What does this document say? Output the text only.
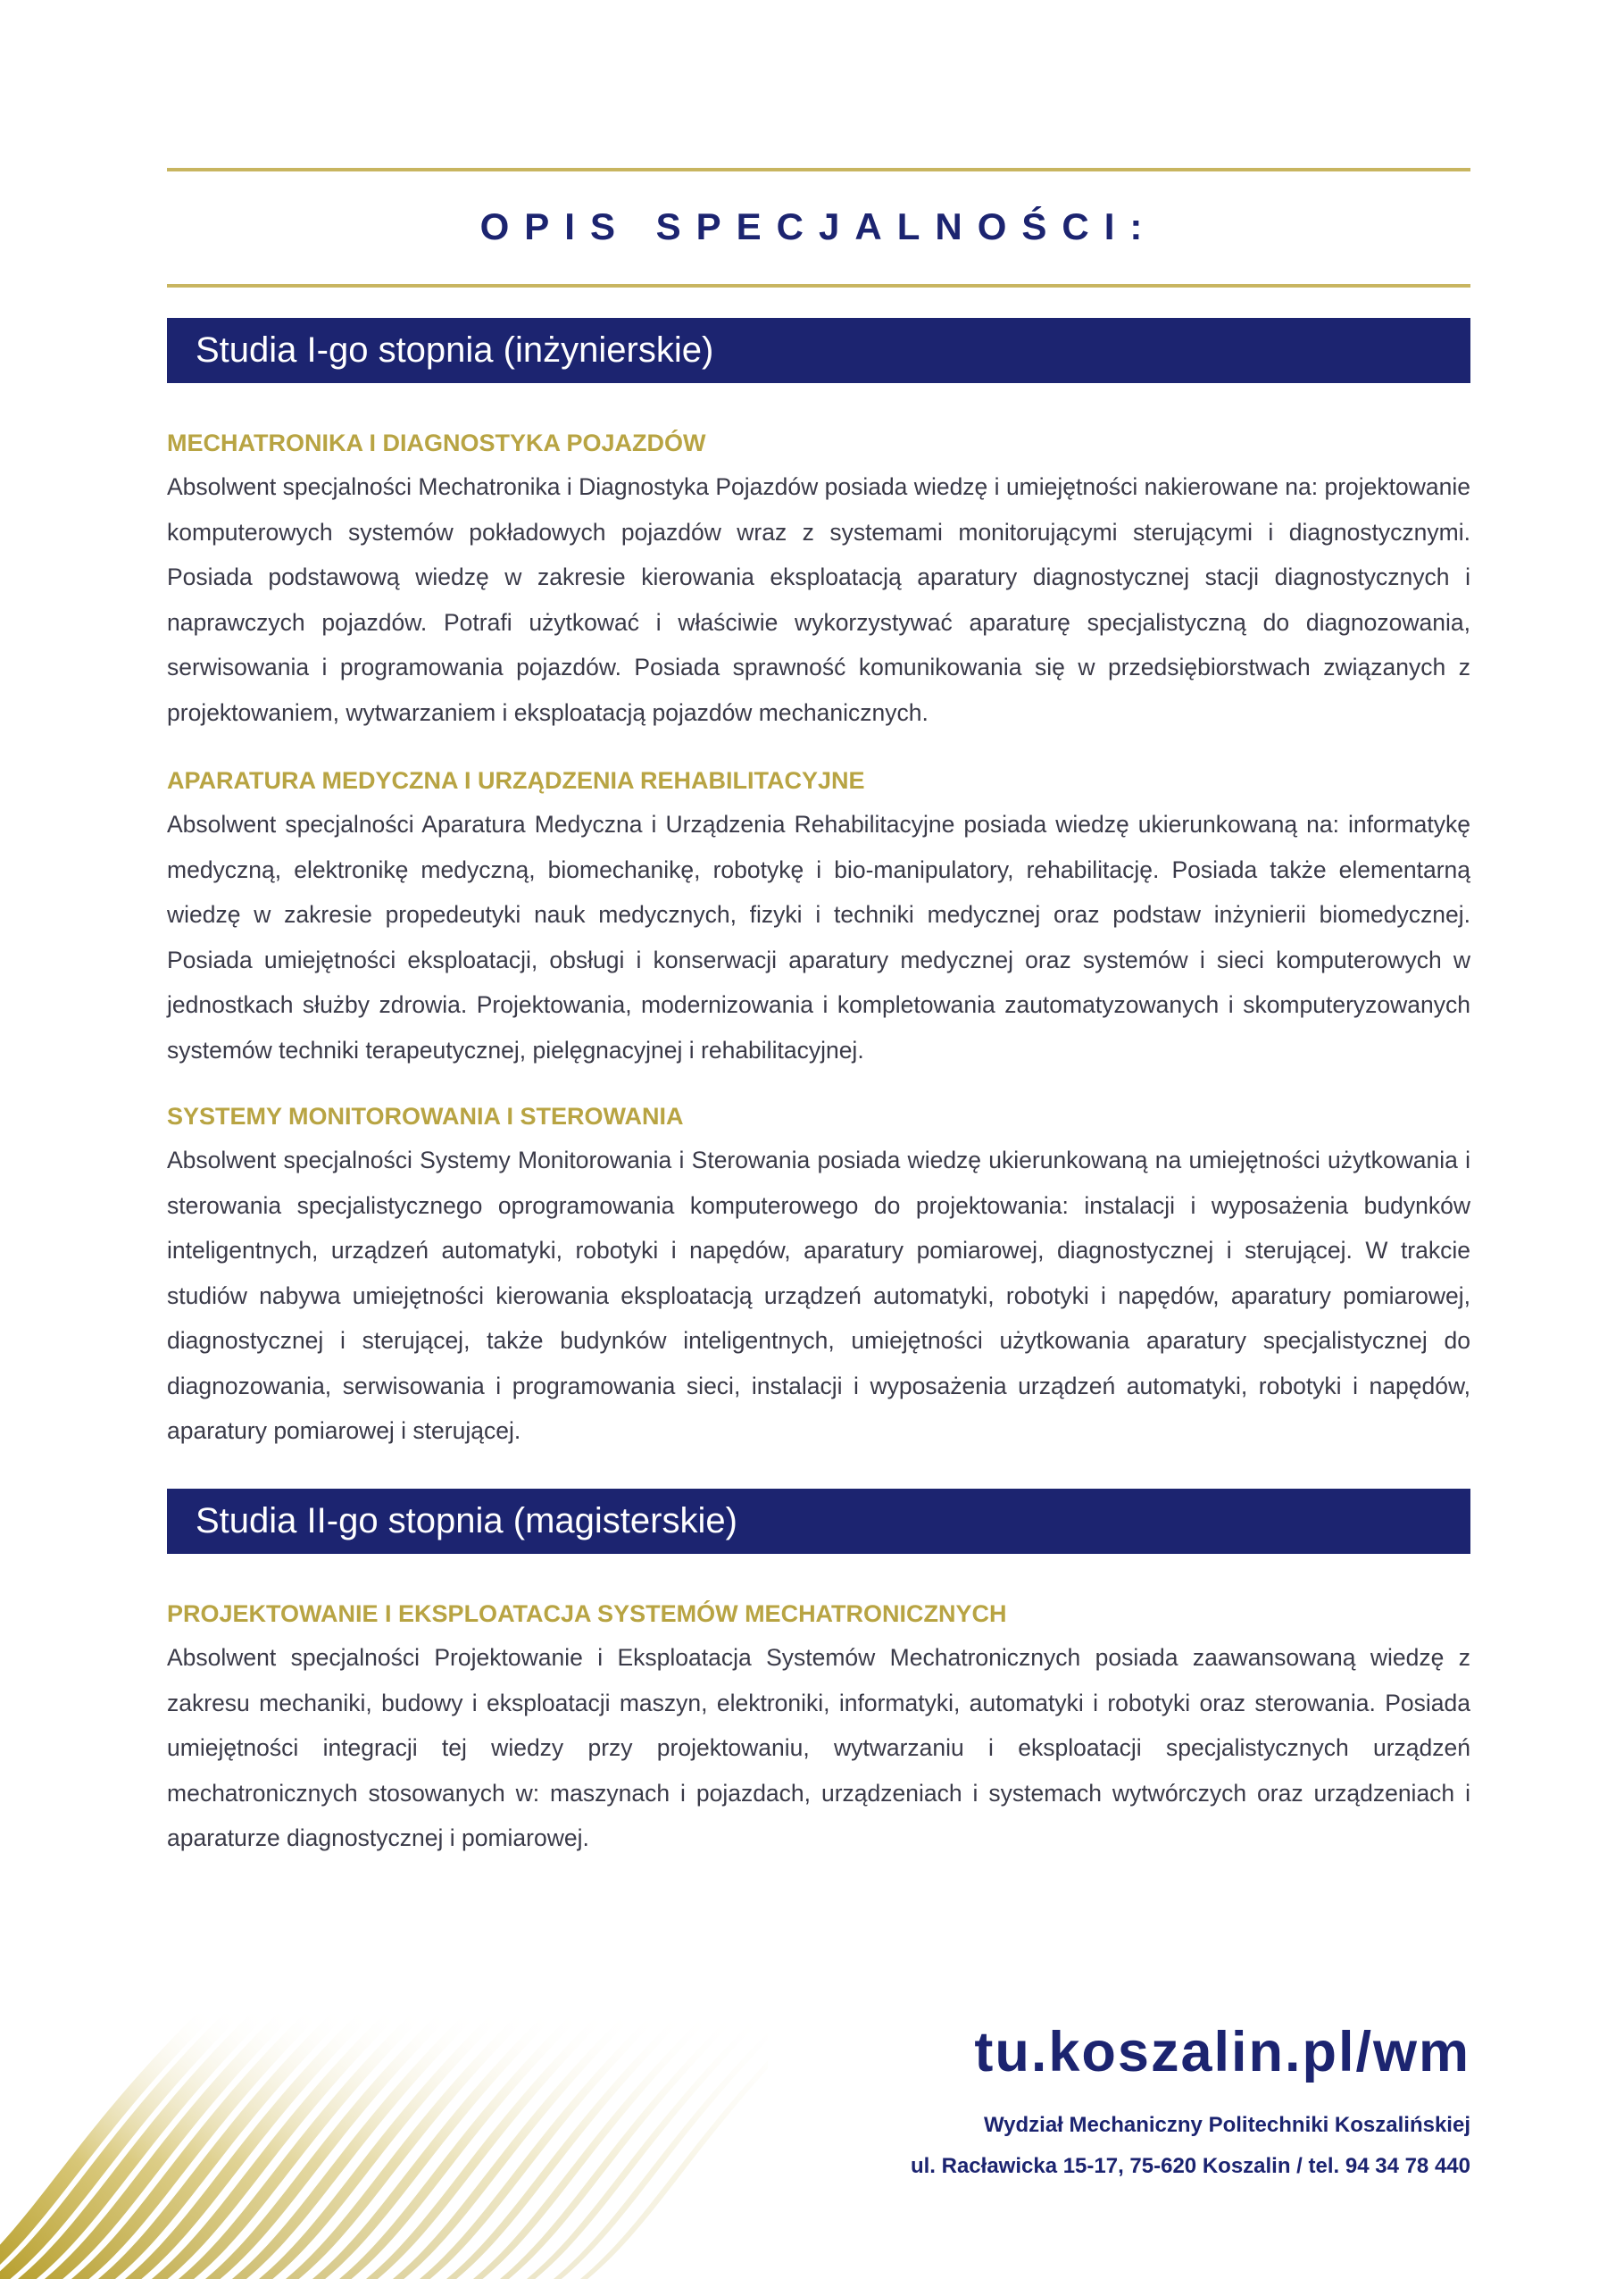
OPIS SPECJALNOŚCI:
Studia I-go stopnia (inżynierskie)

MECHATRONIKA I DIAGNOSTYKA POJAZDÓW

Absolwent specjalności Mechatronika i Diagnostyka Pojazdów posiada wiedzę i umiejętności nakierowane na: projektowanie komputerowych systemów pokładowych pojazdów wraz z systemami monitorującymi sterującymi i diagnostycznymi. Posiada podstawową wiedzę w zakresie kierowania eksploatacją aparatury diagnostycznej stacji diagnostycznych i naprawczych pojazdów. Potrafi użytkować i właściwie wykorzystywać aparaturę specjalistyczną do diagnozowania, serwisowania i programowania pojazdów. Posiada sprawność komunikowania się w przedsiębiorstwach związanych z projektowaniem, wytwarzaniem i eksploatacją pojazdów mechanicznych.

APARATURA MEDYCZNA I URZĄDZENIA REHABILITACYJNE

Absolwent specjalności Aparatura Medyczna i Urządzenia Rehabilitacyjne posiada wiedzę ukierunkowaną na: informatykę medyczną, elektronikę medyczną, biomechanikę, robotykę i bio-manipulatory, rehabilitację. Posiada także elementarną wiedzę w zakresie propedeutyki nauk medycznych, fizyki i techniki medycznej oraz podstaw inżynierii biomedycznej. Posiada umiejętności eksploatacji, obsługi i konserwacji aparatury medycznej oraz systemów i sieci komputerowych w jednostkach służby zdrowia. Projektowania, modernizowania i kompletowania zautomatyzowanych i skomputeryzowanych systemów techniki terapeutycznej, pielęgnacyjnej i rehabilitacyjnej.

SYSTEMY MONITOROWANIA I STEROWANIA

Absolwent specjalności Systemy Monitorowania i Sterowania posiada wiedzę ukierunkowaną na umiejętności użytkowania i sterowania specjalistycznego oprogramowania komputerowego do projektowania: instalacji i wyposażenia budynków inteligentnych, urządzeń automatyki, robotyki i napędów, aparatury pomiarowej, diagnostycznej i sterującej. W trakcie studiów nabywa umiejętności kierowania eksploatacją urządzeń automatyki, robotyki i napędów, aparatury pomiarowej, diagnostycznej i sterującej, także budynków inteligentnych, umiejętności użytkowania aparatury specjalistycznej do diagnozowania, serwisowania i programowania sieci, instalacji i wyposażenia urządzeń automatyki, robotyki i napędów, aparatury pomiarowej i sterującej.

Studia II-go stopnia (magisterskie)

PROJEKTOWANIE I EKSPLOATACJA SYSTEMÓW MECHATRONICZNYCH

Absolwent specjalności Projektowanie i Eksploatacja Systemów Mechatronicznych posiada zaawansowaną wiedzę z zakresu mechaniki, budowy i eksploatacji maszyn, elektroniki, informatyki, automatyki i robotyki oraz sterowania. Posiada umiejętności integracji tej wiedzy przy projektowaniu, wytwarzaniu i eksploatacji specjalistycznych urządzeń mechatronicznych stosowanych w: maszynach i pojazdach, urządzeniach i systemach wytwórczych oraz urządzeniach i aparaturze diagnostycznej i pomiarowej.

tu.koszalin.pl/wm
Wydział Mechaniczny Politechniki Koszalińskiej
ul. Racławicka 15-17, 75-620 Koszalin / tel. 94 34 78 440
